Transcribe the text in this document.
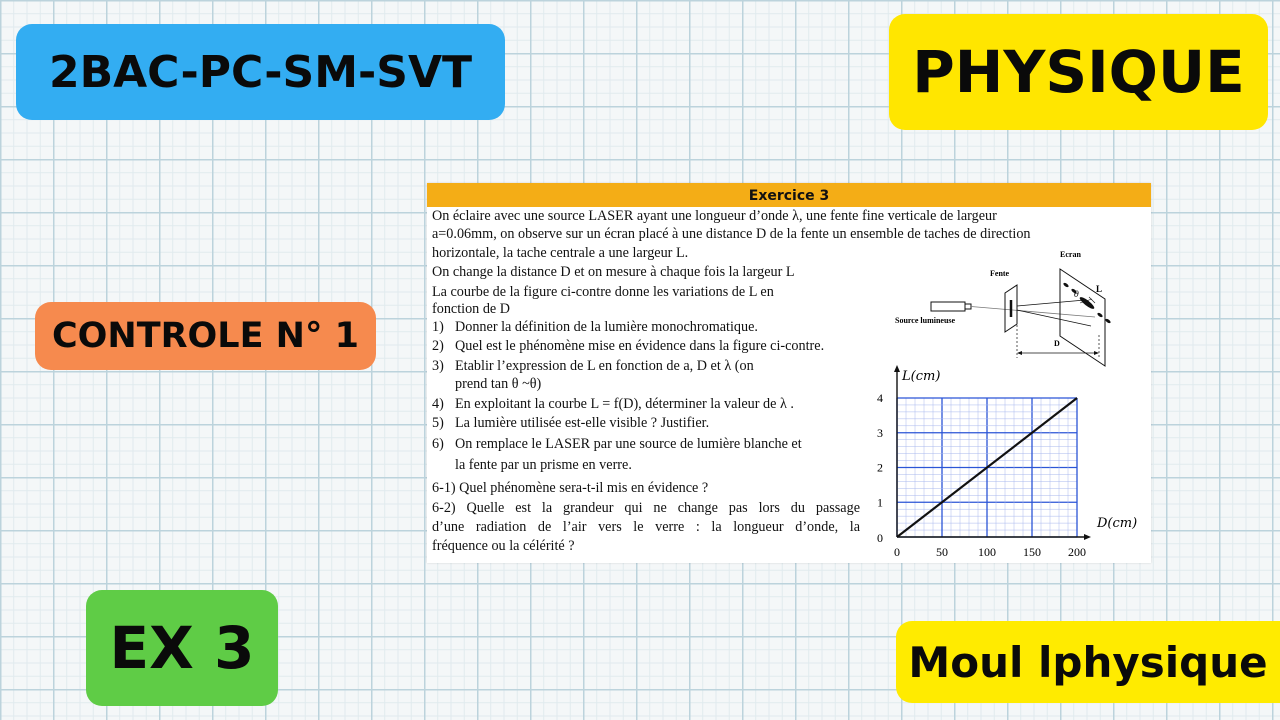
2BAC-PC-SM-SVT	PHYSIQUE
CONTROLE N° 1
EX 3	Moul lphysique
Exercice 3
On éclaire avec une source LASER ayant une longueur d’onde λ, une fente fine verticale de largeur
a=0.06mm, on observe sur un écran placé à une distance D de la fente un ensemble de taches de direction
horizontale, la tache centrale a une largeur L.
On change la distance D et on mesure à chaque fois la largeur L
La courbe de la figure ci-contre donne les variations de L en
fonction de D
1) Donner la définition de la lumière monochromatique.
2) Quel est le phénomène mise en évidence dans la figure ci-contre.
3) Etablir l’expression de L en fonction de a, D et λ (on
prend tan θ ~θ)
4) En exploitant la courbe L = f(D), déterminer la valeur de λ .
5) La lumière utilisée est-elle visible ? Justifier.
6) On remplace le LASER par une source de lumière blanche et
la fente par un prisme en verre.
6-1) Quel phénomène sera-t-il mis en évidence ?
6-2) Quelle est la grandeur qui ne change pas lors du passage
d’une radiation de l’air vers le verre : la longueur d’onde, la
fréquence ou la célérité ?
Source lumineuse
Fente
Ecran
θ
L
D
0	50	100 150 200
1
2
3
4
0
L(cm)
D(cm)
